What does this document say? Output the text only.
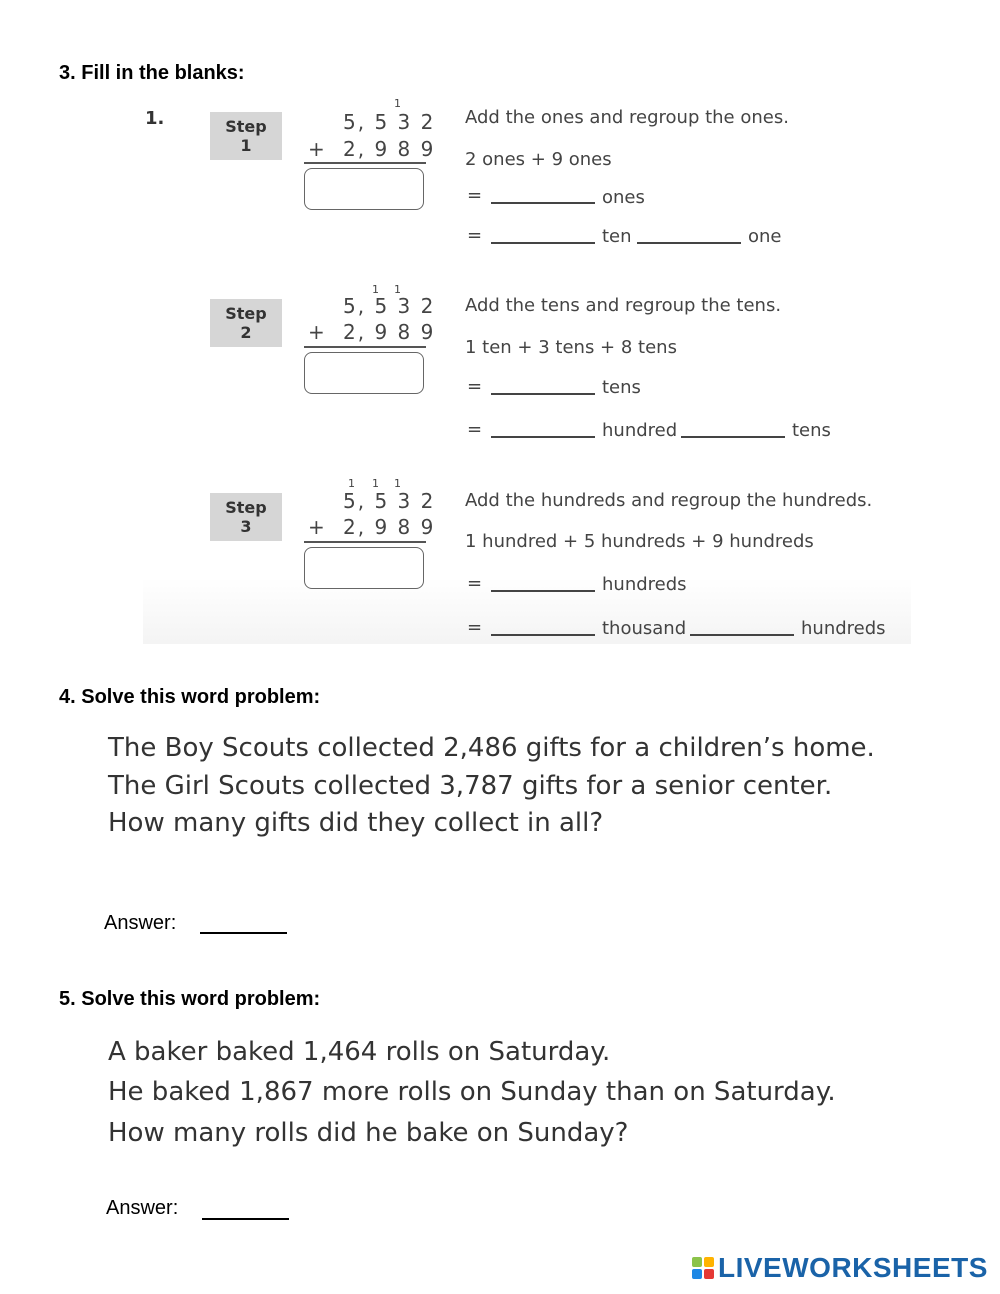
3. Fill in the blanks:
1.	Step 1
1
5, 5 3 2
+ 2, 9 8 9
Add the ones and regroup the ones.
2 ones + 9 ones
=	ones
=	ten	one
Step 2
1 1
5, 5 3 2
+ 2, 9 8 9
Add the tens and regroup the tens.
1 ten + 3 tens + 8 tens
=	tens
=	hundred	tens
Step 3
1 1 1
5, 5 3 2
+ 2, 9 8 9
Add the hundreds and regroup the hundreds.
1 hundred + 5 hundreds + 9 hundreds
=	hundreds
=	thousand	hundreds
4. Solve this word problem:
The Boy Scouts collected 2,486 gifts for a children’s home.
The Girl Scouts collected 3,787 gifts for a senior center.
How many gifts did they collect in all?
Answer:
5. Solve this word problem:
A baker baked 1,464 rolls on Saturday.
He baked 1,867 more rolls on Sunday than on Saturday.
How many rolls did he bake on Sunday?
Answer:
LIVEWORKSHEETS
